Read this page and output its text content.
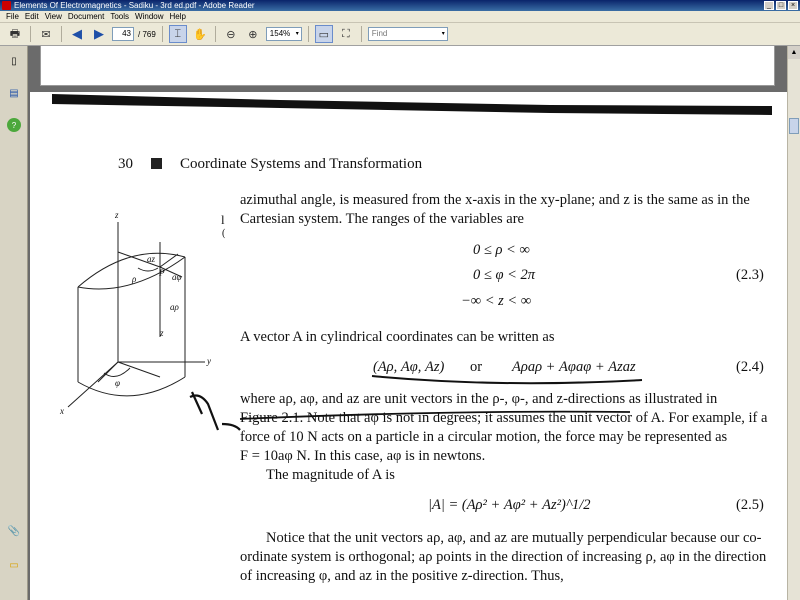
Elements Of Electromagnetics - Sadiku - 3rd ed.pdf - Adobe Reader	_	□	×
File Edit View Document Tools Window Help
🖶	✉	◀ ▶	43 / 769	⌶	✋	⊖	⊕	154% ▾	▭	⛶	Find	▾
▯
▤
?
📎
▭
▲
l
(
z
az
aφ
P
ρ
aρ
z
φ
y
x
30	Coordinate Systems and Transformation
azimuthal angle, is measured from the x-axis in the xy-plane; and z is the same as in the
Cartesian system. The ranges of the variables are
0 ≤ ρ < ∞
0 ≤ φ < 2π	(2.3)
−∞ < z < ∞
A vector A in cylindrical coordinates can be written as
(Aρ, Aφ, Az) or Aρaρ + Aφaφ + Azaz	(2.4)
where aρ, aφ, and az are unit vectors in the ρ-, φ-, and z-directions as illustrated in
Figure 2.1. Note that aφ is not in degrees; it assumes the unit vector of A. For example, if a
force of 10 N acts on a particle in a circular motion, the force may be represented as
F = 10aφ N. In this case, aφ is in newtons.
The magnitude of A is
|A| = (Aρ² + Aφ² + Az²)^1/2	(2.5)
Notice that the unit vectors aρ, aφ, and az are mutually perpendicular because our co-
ordinate system is orthogonal; aρ points in the direction of increasing ρ, aφ in the direction
of increasing φ, and az in the positive z-direction. Thus,
